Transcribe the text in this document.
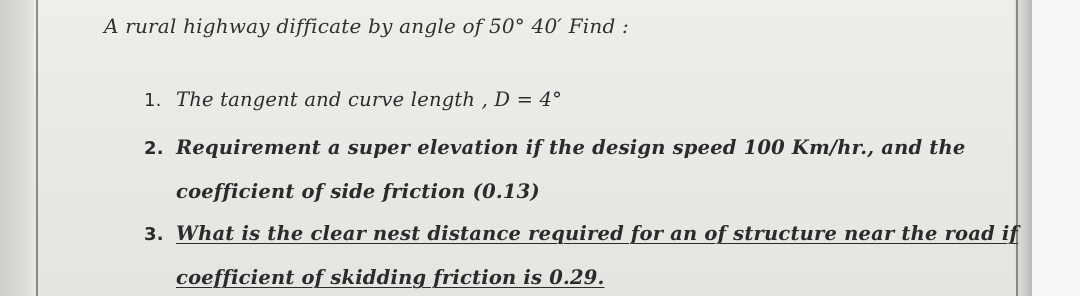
A rural highway difficate by angle of 50° 40′ Find :
1. The tangent and curve length , D = 4°
2. Requirement a super elevation if the design speed 100 Km/hr., and the
coefficient of side friction (0.13)
3. What is the clear nest distance required for an of structure near the road if
coefficient of skidding friction is 0.29.
